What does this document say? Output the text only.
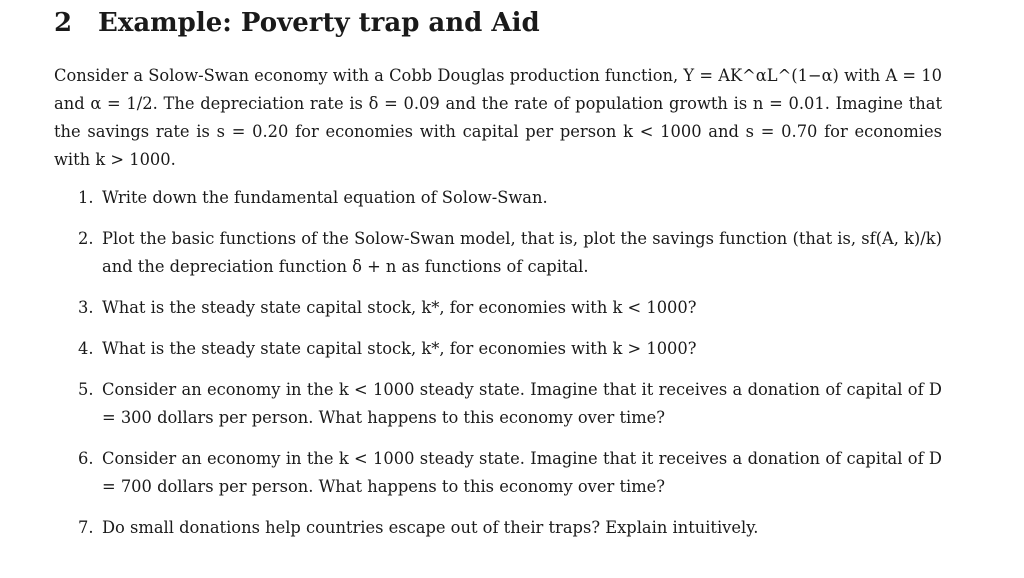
2 Example: Poverty trap and Aid

Consider a Solow-Swan economy with a Cobb Douglas production function, Y = AK^αL^(1−α) with A = 10 and α = 1/2. The depreciation rate is δ = 0.09 and the rate of population growth is n = 0.01. Imagine that the savings rate is s = 0.20 for economies with capital per person k < 1000 and s = 0.70 for economies with k > 1000.

1. Write down the fundamental equation of Solow-Swan.
2. Plot the basic functions of the Solow-Swan model, that is, plot the savings function (that is, sf(A, k)/k) and the depreciation function δ + n as functions of capital.
3. What is the steady state capital stock, k*, for economies with k < 1000?
4. What is the steady state capital stock, k*, for economies with k > 1000?
5. Consider an economy in the k < 1000 steady state. Imagine that it receives a donation of capital of D = 300 dollars per person. What happens to this economy over time?
6. Consider an economy in the k < 1000 steady state. Imagine that it receives a donation of capital of D = 700 dollars per person. What happens to this economy over time?
7. Do small donations help countries escape out of their traps? Explain intuitively.
